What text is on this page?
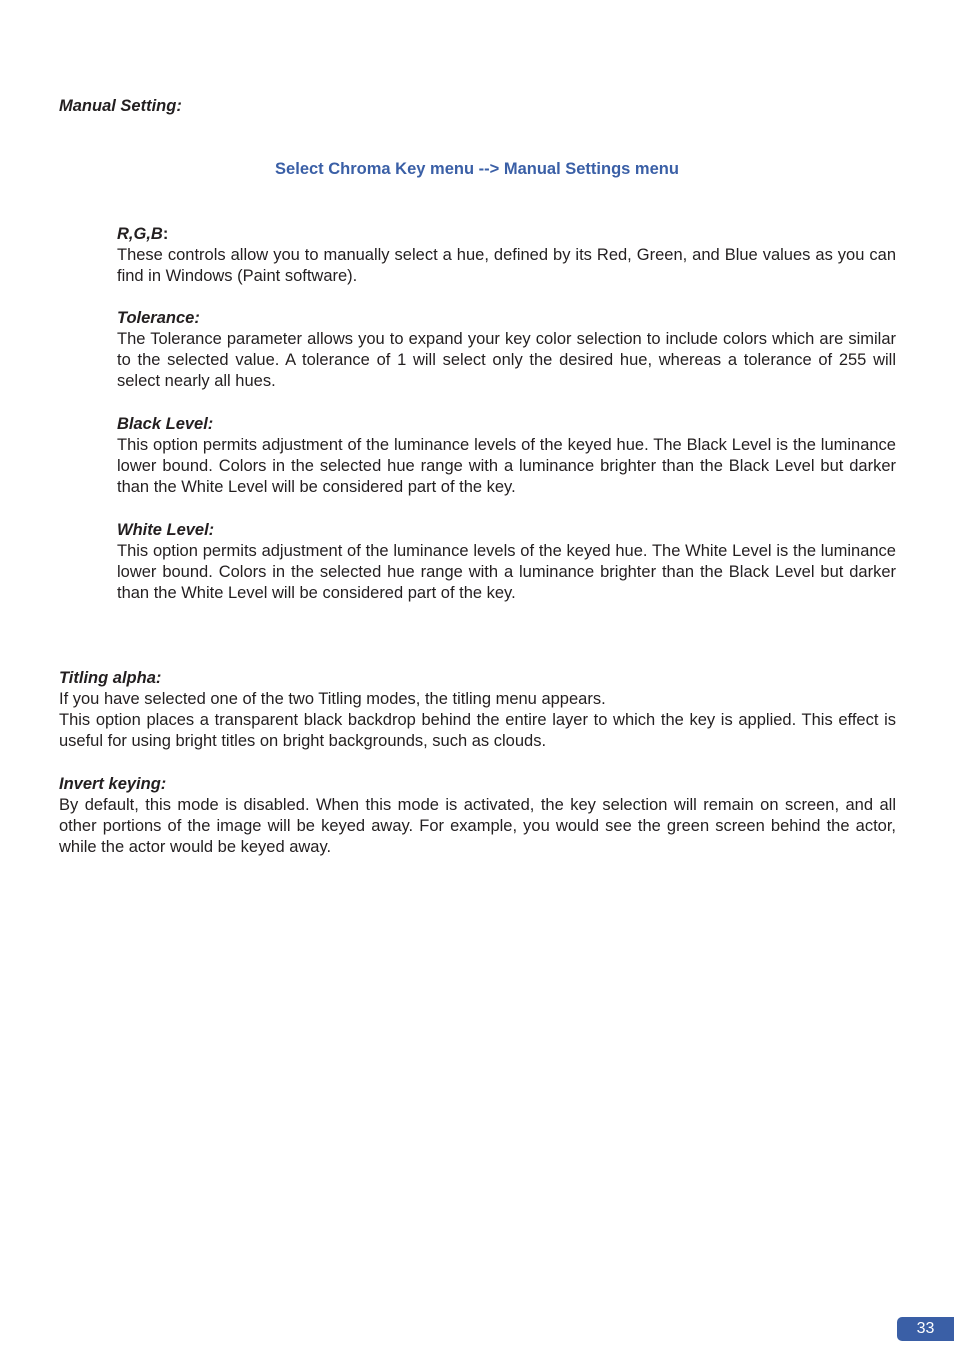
Manual Setting:

Select Chroma Key menu --> Manual Settings menu

R,G,B:

These controls allow you to manually select a hue, defined by its Red, Green, and Blue values as you can find in Windows (Paint software).

Tolerance:

The Tolerance parameter allows you to expand your key color selection to include colors which are similar to the selected value. A tolerance of 1 will select only the desired hue, whereas a tolerance of 255 will select nearly all hues.

Black Level:

This option permits adjustment of the luminance levels of the keyed hue. The Black Level is the luminance lower bound. Colors in the selected hue range with a luminance brighter than the Black Level but darker than the White Level will be considered part of the key.

White Level:

This option permits adjustment of the luminance levels of the keyed hue. The White Level is the luminance lower bound. Colors in the selected hue range with a luminance brighter than the Black Level but darker than the White Level will be considered part of the key.

Titling alpha:

If you have selected one of the two Titling modes, the titling menu appears.

This option places a transparent black backdrop behind the entire layer to which the key is applied. This effect is useful for using bright titles on bright backgrounds, such as clouds.

Invert keying:

By default, this mode is disabled. When this mode is activated, the key selection will remain on screen, and all other portions of the image will be keyed away. For example, you would see the green screen behind the actor, while the actor would be keyed away.

33
